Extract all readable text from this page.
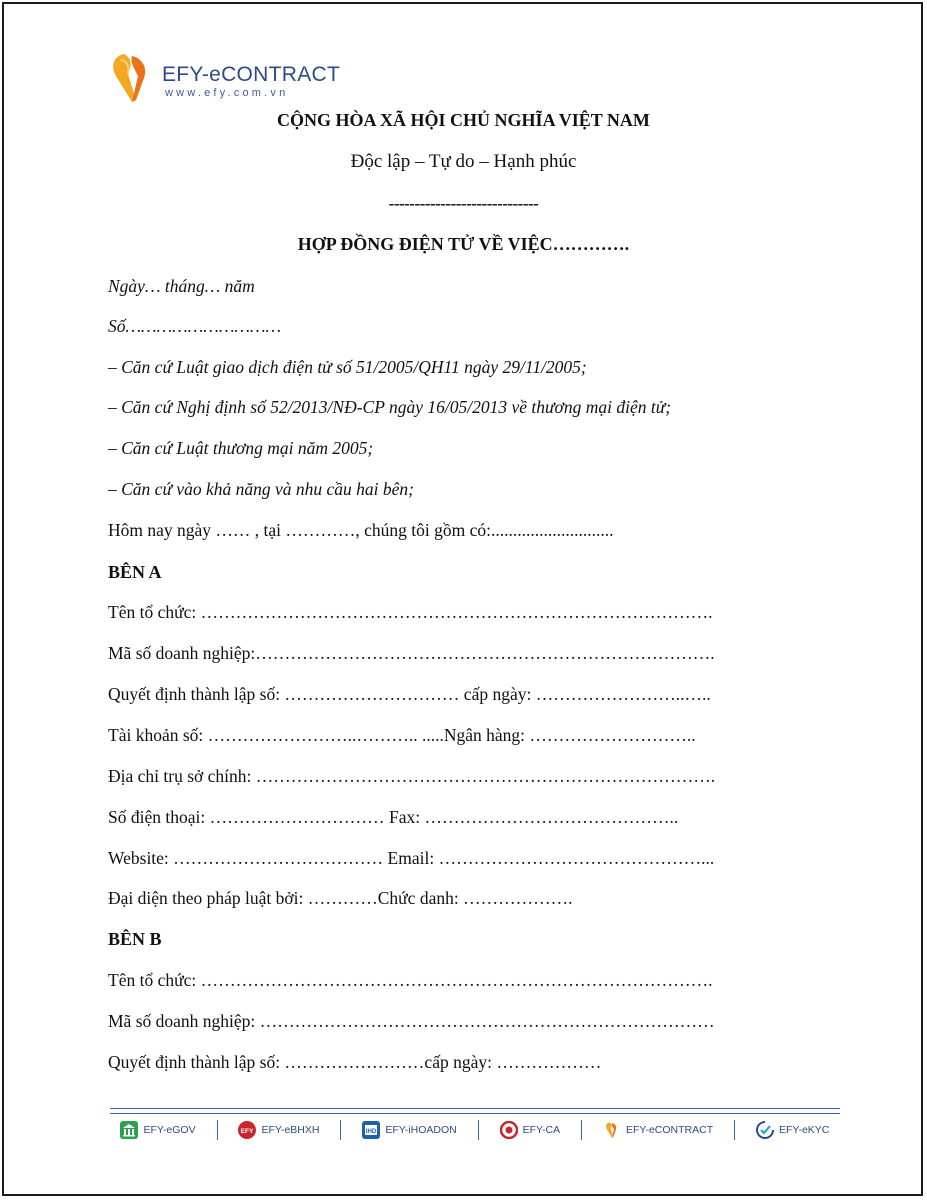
EFY-eCONTRACT
www.efy.com.vn
CỘNG HÒA XÃ HỘI CHỦ NGHĨA VIỆT NAM
Độc lập – Tự do – Hạnh phúc
-----------------------------
HỢP ĐỒNG ĐIỆN TỬ VỀ VIỆC………….
Ngày… tháng… năm
Số…………………………
– Căn cứ Luật giao dịch điện tử số 51/2005/QH11 ngày 29/11/2005;
– Căn cứ Nghị định số 52/2013/NĐ-CP ngày 16/05/2013 về thương mại điện tử;
– Căn cứ Luật thương mại năm 2005;
– Căn cứ vào khả năng và nhu cầu hai bên;
Hôm nay ngày …… , tại …………, chúng tôi gồm có:............................
BÊN A
Tên tổ chức: …………………………………………………………………………….
Mã số doanh nghiệp:…………………………………………………………………….
Quyết định thành lập số: ………………………… cấp ngày: ……………………..…..
Tài khoản số: ……………………..……….. .....Ngân hàng: ………………………..
Địa chỉ trụ sở chính: …………………………………………………………………….
Số điện thoại: ………………………… Fax: ……………………………………..
Website: ……………………………… Email: ………………………………………...
Đại diện theo pháp luật bởi: …………Chức danh: ……………….
BÊN B
Tên tổ chức: …………………………………………………………………………….
Mã số doanh nghiệp: ……………………………………………………………………
Quyết định thành lập số: ……………………cấp ngày: ………………
EFY-eGOV	EFY EFY-eBHXH	IHD EFY-iHOADON	EFY-CA	EFY-eCONTRACT	EFY-eKYC
